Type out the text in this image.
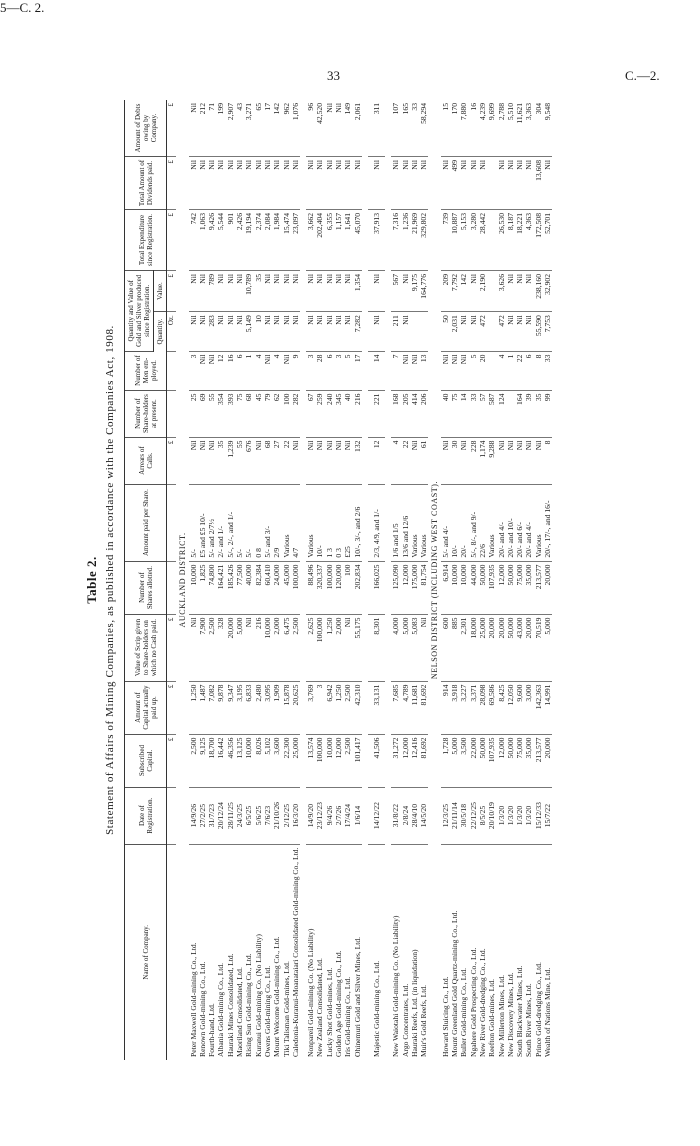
33	C.—2.
5—C. 2.
Table 2. Statement of Affairs of Mining Companies, as published in accordance with the Companies Act, 1908.
Name of Company.	Date of Registration.	Subscribed Capital.	Amount of Capital actually paid up.	Value of Scrip given to Share-holders on which no Cash paid.	Number of Shares allotted.	Amount paid per Share.	Arrears of Calls.	Number of Share-holders at present.	Number of Men em-ployed.	Quantity and Value of Gold and Silver produced since Registration.		Total Expenditure since Registration.	Total Amount of Dividends paid.	Amount of Debts owing by Company.
										Quantity.	Value.			
		£	£	£			£			Oz.	£	£	£	£
AUCKLAND DISTRICT.														
Peter Maxwell Gold-mining Co., Ltd.	14/9/26	2,500	1,250	Nil	10,000	5/-	Nil	25	3	Nil	Nil	742	Nil	Nil
Renown Gold-mining Co., Ltd.	27/2/25	9,125	1,487	7,900	1,825	£5 and £5 10/-	Nil	69	Nil	Nil	Nil	1,063	Nil	212
Fourth-hand, Ltd.	31/7/23	18,700	7,082	2,500	74,800	5/- and 2/7½	Nil	55	Nil	283	789	9,426	Nil	71
Albania Gold-mining Co., Ltd.	20/12/24	16,442	9,878	328	164,421	2/- and 1/-	35	354	12	Nil	Nil	5,544	Nil	199
Hauraki Mines Consolidated, Ltd.	28/11/25	46,356	9,347	20,000	185,426	5/-, 2/-, and 1/-	1,239	393	16	Nil	Nil	901	Nil	2,907
Maoriland Consolidated, Ltd.	24/3/25	13,125	3,195	5,000	77,500	5/-	55	75	6	Nil	Nil	2,426	Nil	43
Rising Sun Gold-mining Co., Ltd.	6/5/25	10,000	6,833	Nil	40,000	5/-	676	68	1	5,149	10,789	19,194	Nil	3,271
Kuranui Gold-mining Co. (No Liability)	5/6/25	8,026	2,480	216	82,384	0 8	Nil	45	4	10	35	2,374	Nil	65
Owens Gold-mining Co., Ltd.	7/6/23	5,102	3,095	10,000	60,410	5/- and 3/-	68	79	Nil	Nil	Nil	2,084	Nil	17
Mount Welcome Gold-mining Co., Ltd.	21/10/26	3,600	1,909	2,000	24,000	2/9	27	62	4	Nil	Nil	1,984	Nil	142
Tiki Talisman Gold-mines, Ltd.	2/12/25	22,300	15,878	6,475	45,000	Various	22	100	Nil	Nil	Nil	15,474	Nil	962
Caledonia-Kuranui-Moanataiari Consolidated Gold-mining Co., Ltd.	16/3/20	25,000	20,625	2,500	100,000	4/7	Nil	282	9	Nil	Nil	23,097	Nil	1,076

Nonpareil Gold-mining Co. (No Liability)	14/9/20	13,574	3,769	2,625	88,496	Various	Nil	67	3	Nil	Nil	3,662	Nil	96
New Zealand Consolidated, Ltd.	23/12/23	100,000	3	100,000	320,337	10/-	Nil	259	28	Nil	Nil	202,404	Nil	42,520
Lucky Shot Gold-mines, Ltd.	9/4/26	10,000	6,942	1,250	100,000	1 3	Nil	240	6	Nil	Nil	6,355	Nil	Nil
Golden Age Gold-mining Co., Ltd.	2/7/26	12,000	1,250	2,000	120,000	0 3	Nil	345	3	Nil	Nil	1,157	Nil	Nil
Iris Gold-mining Co., Ltd.	17/4/24	2,500	2,500	Nil	100	£25	Nil	40	5	Nil	Nil	1,641	Nil	149
Ohinemuri Gold and Silver Mines, Ltd.	1/6/14	101,417	42,310	55,175	202,834	10/-, 3/-, and 2/6	132	216	17	7,282	1,354	45,070	Nil	2,061

Majestic Gold-mining Co., Ltd.	14/12/22	41,506	33,131	8,301	166,025	2/3, 4/9, and 1/-	12	221	14	Nil	Nil	37,913	Nil	311

New Waiotahi Gold-mining Co. (No Liability)	31/8/22	31,272	7,685	4,000	125,090	1/6 and 1/5	4	168	7	211	567	7,316	Nil	107
Argo Concentrates, Ltd.	2/8/24	12,000	4,789	5,000	12,000	13/6 and 12/6	22	205	Nil	Nil	Nil	1,236	Nil	165
Hauraki Reefs, Ltd. (in liquidation)	28/4/10	12,416	11,681	5,083	175,000	Various	Nil	414	Nil		9,175	21,969	Nil	33
Muir's Gold Reefs, Ltd.	14/5/20	81,692	81,692	Nil	81,754	Various	61	206	13		164,776	329,802	Nil	58,294
NELSON DISTRICT (INCLUDING WEST COAST).														
Howard Sluicing Co., Ltd.	12/3/25	1,728	914	600	6,914	5/- and 4/-	Nil	40	Nil	50	209	739	Nil	15
Mount Greenland Gold Quartz-mining Co., Ltd.	21/11/14	5,000	3,918	885	10,000	10/-	30	75	Nil	2,031	7,792	10,887	499	170
Buller Gold-mining Co., Ltd.	30/5/18	3,500	3,227	2,301	10,000	20/-	Nil	14	Nil	Nil	142	5,153	Nil	7,880
Ngahere Gold Prospecting Co., Ltd.	22/12/25	22,000	3,371	18,000	44,000	5/-, 8/-, and 9/-	228	33	5	Nil	Nil	3,280	Nil	16
New River Gold-dredging Co., Ltd.	8/5/25	50,000	28,098	25,000	50,000	22/6	1,174	57	20	472	2,190	28,442	Nil	4,239
Reefton Gold-mines, Ltd.	20/10/19	107,935	69,586	20,000	107,935	Various	9,288	587						9,699
New Millerton Mines, Ltd.	1/3/20	12,000	8,425	20,000	12,000	20/- and 4/-	Nil	124	4	472	3,626	26,530	Nil	2,788
New Discovery Mines, Ltd.	1/3/20	50,000	12,050	50,000	50,000	20/- and 10/-	Nil		1	Nil	Nil	8,187	Nil	5,510
South Blackwater Mines, Ltd.	1/3/20	75,000	9,600	43,000	75,000	20/- and 6/-	Nil	164	22	Nil	Nil	18,221	Nil	11,621
South River Mines, Ltd.	1/3/20	35,000	3,000	20,000	35,000	20/- and 4/-	Nil	39	6	Nil	Nil	4,363	Nil	3,363
Prince Gold-dredging Co., Ltd.	15/12/33	213,577	142,363	70,519	213,577	Various	Nil	35	8	55,590	238,160	172,508	13,608	304
Wealth of Nations Mine, Ltd.	15/7/22	20,000	14,991	5,000	20,000	20/-, 17/-, and 16/-	8	99	33	7,753	32,902	52,701	Nil	9,548
